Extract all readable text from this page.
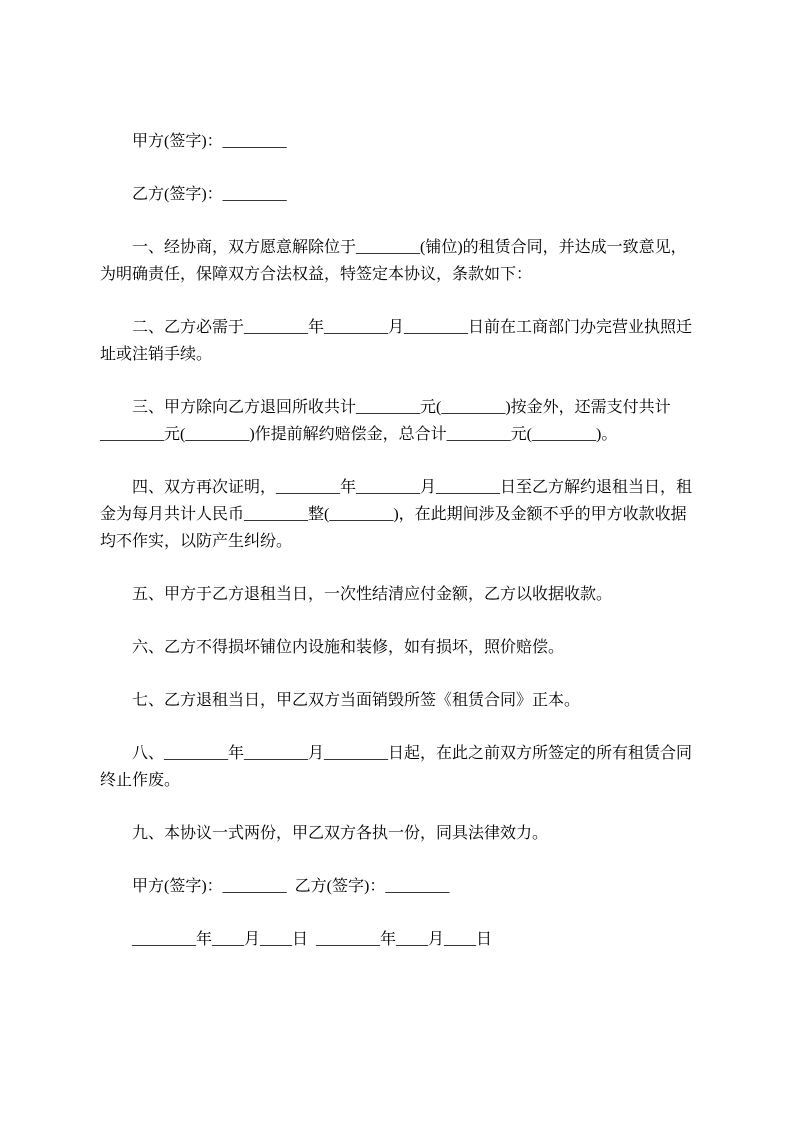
甲方(签字)：________

乙方(签字)：________

一、经协商，双方愿意解除位于________(铺位)的租赁合同，并达成一致意见，为明确责任，保障双方合法权益，特签定本协议，条款如下：

二、乙方必需于________年________月________日前在工商部门办完营业执照迁址或注销手续。

三、甲方除向乙方退回所收共计________元(________)按金外，还需支付共计________元(________)作提前解约赔偿金，总合计________元(________)。

四、双方再次证明，________年________月________日至乙方解约退租当日，租金为每月共计人民币________整(________)，在此期间涉及金额不乎的甲方收款收据均不作实，以防产生纠纷。

五、甲方于乙方退租当日，一次性结清应付金额，乙方以收据收款。

六、乙方不得损坏铺位内设施和装修，如有损坏，照价赔偿。

七、乙方退租当日，甲乙双方当面销毁所签《租赁合同》正本。

八、________年________月________日起，在此之前双方所签定的所有租赁合同终止作废。

九、本协议一式两份，甲乙双方各执一份，同具法律效力。

甲方(签字)：________  乙方(签字)：________

________年____月____日  ________年____月____日
